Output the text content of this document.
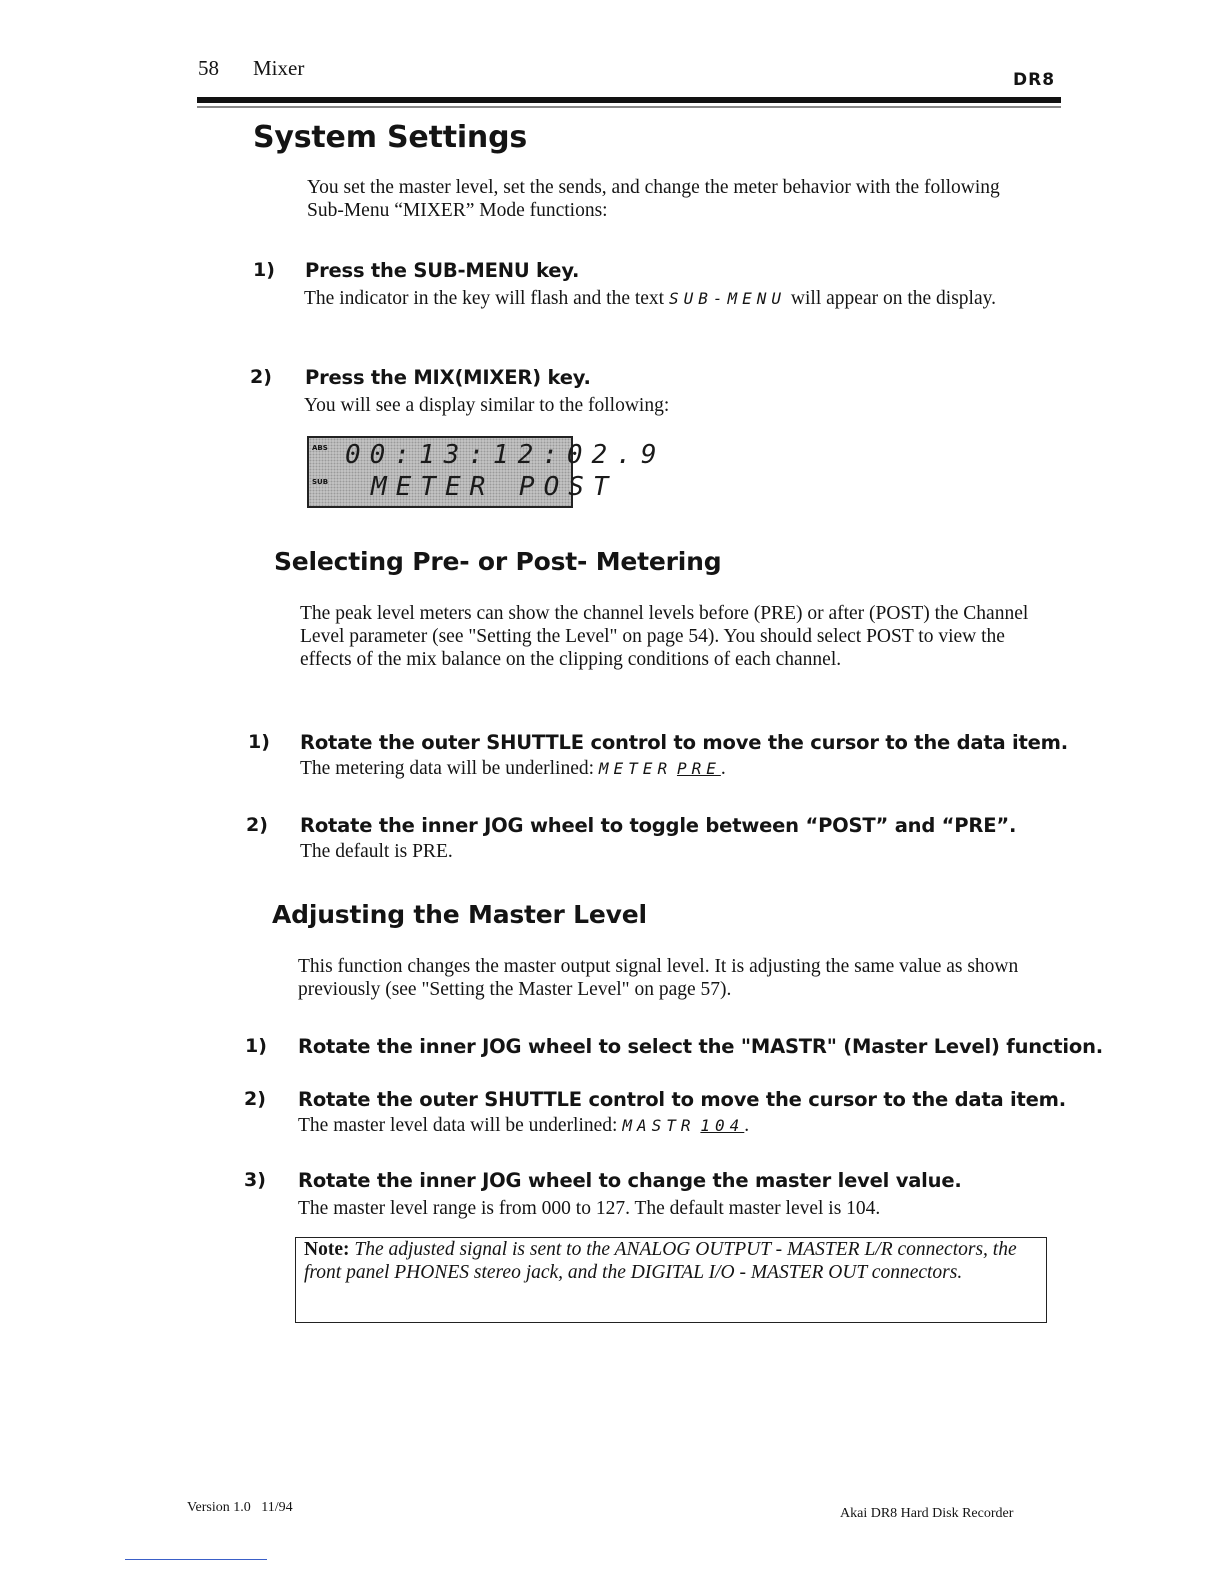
58 Mixer	DR8
System Settings
You set the master level, set the sends, and change the meter behavior with the following Sub-Menu “MIXER” Mode functions:
1) Press the SUB-MENU key.
The indicator in the key will flash and the text SUB-MENU will appear on the display.
2) Press the MIX(MIXER) key.
You will see a display similar to the following:
ABS 00:13:12:02.9
SUB METER POST
Selecting Pre- or Post- Metering
The peak level meters can show the channel levels before (PRE) or after (POST) the Channel Level parameter (see "Setting the Level" on page 54). You should select POST to view the effects of the mix balance on the clipping conditions of each channel.
1) Rotate the outer SHUTTLE control to move the cursor to the data item.
The metering data will be underlined: METER PRE.
2) Rotate the inner JOG wheel to toggle between “POST” and “PRE”.
The default is PRE.
Adjusting the Master Level
This function changes the master output signal level. It is adjusting the same value as shown previously (see "Setting the Master Level" on page 57).
1) Rotate the inner JOG wheel to select the "MASTR" (Master Level) function.
2) Rotate the outer SHUTTLE control to move the cursor to the data item.
The master level data will be underlined: MASTR 104.
3) Rotate the inner JOG wheel to change the master level value.
The master level range is from 000 to 127. The default master level is 104.
Note: The adjusted signal is sent to the ANALOG OUTPUT - MASTER L/R connectors, the front panel PHONES stereo jack, and the DIGITAL I/O - MASTER OUT connectors.
Version 1.0   11/94	Akai DR8 Hard Disk Recorder
